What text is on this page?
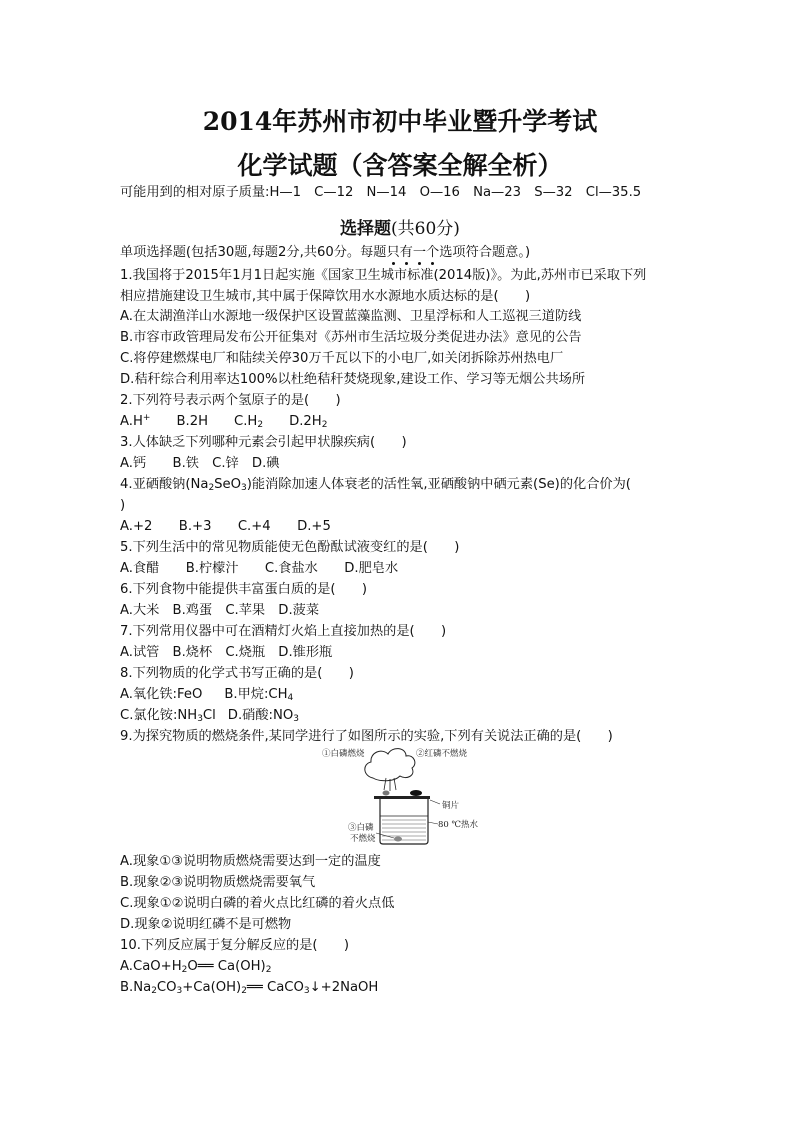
2014年苏州市初中毕业暨升学考试
化学试题（含答案全解全析）
可能用到的相对原子质量:H—1　C—12　N—14　O—16　Na—23　S—32　Cl—35.5
选择题(共60分)
单项选择题(包括30题,每题2分,共60分。每题只有一个选项符合题意。)
1.我国将于2015年1月1日起实施《国家卫生城市标准(2014版)》。为此,苏州市已采取下列
相应措施建设卫生城市,其中属于保障饮用水水源地水质达标的是(　　)
A.在太湖渔洋山水源地一级保护区设置蓝藻监测、卫星浮标和人工巡视三道防线
B.市容市政管理局发布公开征集对《苏州市生活垃圾分类促进办法》意见的公告
C.将停建燃煤电厂和陆续关停30万千瓦以下的小电厂,如关闭拆除苏州热电厂
D.秸秆综合利用率达100%以杜绝秸秆焚烧现象,建设工作、学习等无烟公共场所
2.下列符号表示两个氢原子的是(　　)
A.H+ B.2H $C.H_2$ $D.2H_2$
3.人体缺乏下列哪种元素会引起甲状腺疾病(　　)
A.钙　　B.铁　C.锌　D.碘
4.亚硒酸钠$(Na_2SeO_3)$能消除加速人体衰老的活性氧,亚硒酸钠中硒元素(Se)的化合价为(
)
A.+2　　B.+3　　C.+4　　D.+5
5.下列生活中的常见物质能使无色酚酞试液变红的是(　　)
A.食醋　　B.柠檬汁　　C.食盐水　　D.肥皂水
6.下列食物中能提供丰富蛋白质的是(　　)
A.大米　B.鸡蛋　C.苹果　D.菠菜
7.下列常用仪器中可在酒精灯火焰上直接加热的是(　　)
A.试管　B.烧杯　C.烧瓶　D.锥形瓶
8.下列物质的化学式书写正确的是(　　)
A.氧化铁:FeO B.甲烷$:CH_4$
C.氯化铵$:NH_3Cl$ D.硝酸$:NO_3$
9.为探究物质的燃烧条件,某同学进行了如图所示的实验,下列有关说法正确的是(　　)
①白磷燃烧	②红磷不燃烧
铜片
80 ℃热水
③白磷
不燃烧
A.现象①③说明物质燃烧需要达到一定的温度
B.现象②③说明物质燃烧需要氧气
C.现象①②说明白磷的着火点比红磷的着火点低
D.现象②说明红磷不是可燃物
10.下列反应属于复分解反应的是(　　)
$A.CaO+H_2O══$ $Ca(OH)_2$
$B.Na_2CO_3+Ca(OH)_2══$ CaCO$_3$↓+2NaOH
